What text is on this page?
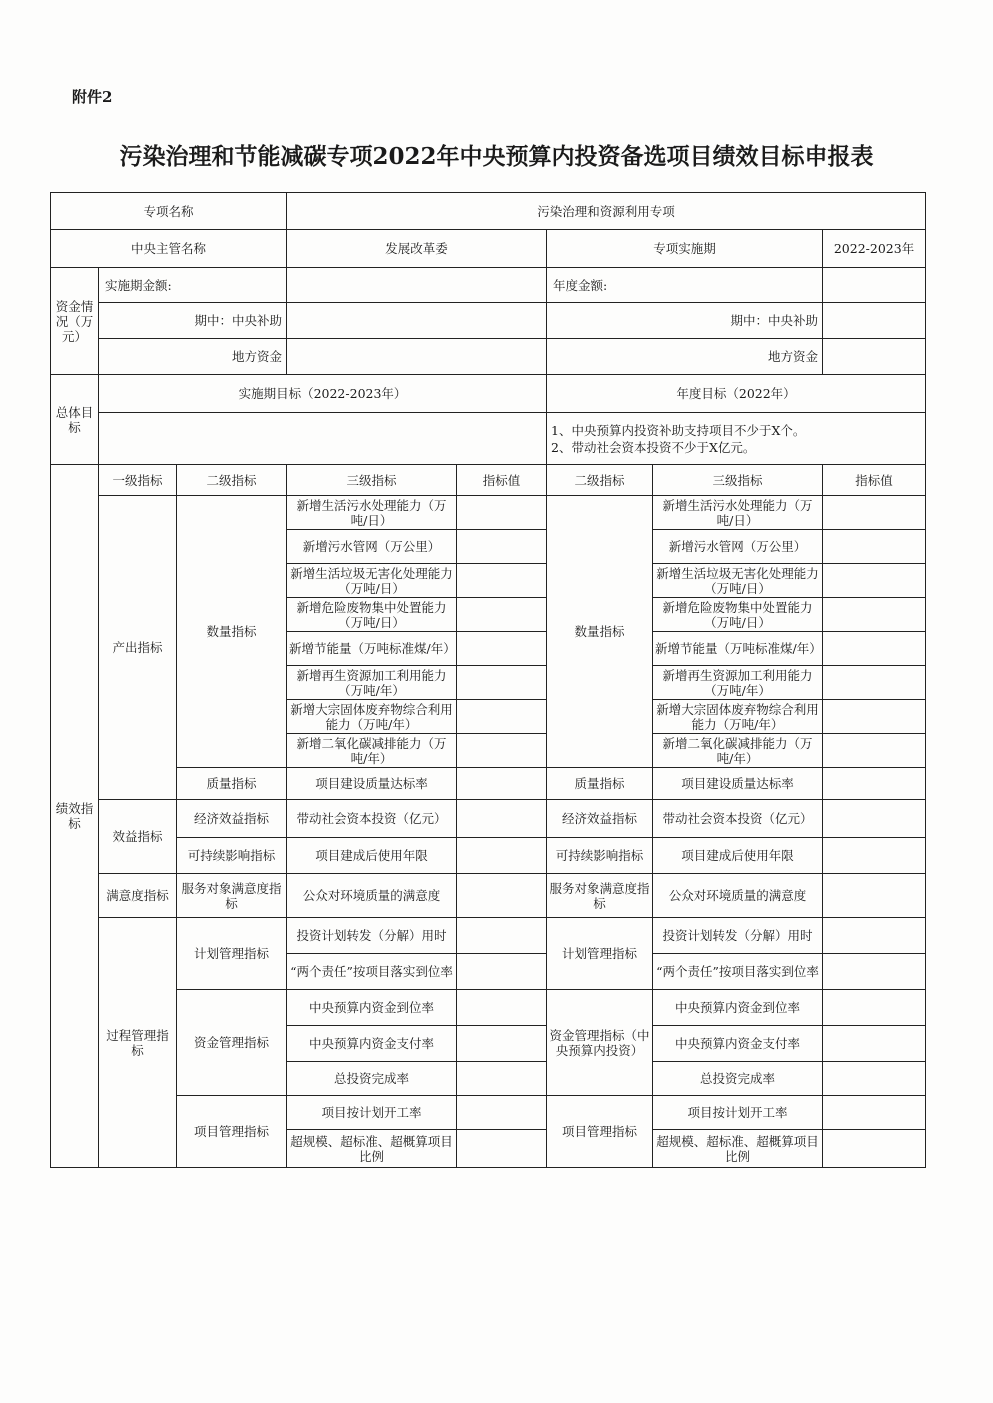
附件2
污染治理和节能减碳专项2022年中央预算内投资备选项目绩效目标申报表
专项名称			污染治理和资源利用专项				
中央主管名称			发展改革委		专项实施期		2022-2023年
资金情况（万元）	实施期金额:				年度金额:		
	期中：中央补助				期中：中央补助		
	地方资金				地方资金		
总体目标	实施期目标（2022-2023年）				年度目标（2022年）		

					1、中央预算内投资补助支持项目不少于X个。
2、带动社会资本投资不少于X亿元。		

绩效指标	一级指标	二级指标	三级指标	指标值	二级指标	三级指标	指标值
	产出指标	数量指标	新增生活污水处理能力（万吨/日）		数量指标	新增生活污水处理能力（万吨/日）	
			新增污水管网（万公里）			新增污水管网（万公里）	
			新增生活垃圾无害化处理能力（万吨/日）			新增生活垃圾无害化处理能力（万吨/日）	
			新增危险废物集中处置能力（万吨/日）			新增危险废物集中处置能力（万吨/日）	
			新增节能量（万吨标准煤/年）			新增节能量（万吨标准煤/年）	
			新增再生资源加工利用能力（万吨/年）			新增再生资源加工利用能力（万吨/年）	
			新增大宗固体废弃物综合利用能力（万吨/年）			新增大宗固体废弃物综合利用能力（万吨/年）	
			新增二氧化碳减排能力（万吨/年）			新增二氧化碳减排能力（万吨/年）	
		质量指标	项目建设质量达标率		质量指标	项目建设质量达标率	
	效益指标	经济效益指标	带动社会资本投资（亿元）		经济效益指标	带动社会资本投资（亿元）	
		可持续影响指标	项目建成后使用年限		可持续影响指标	项目建成后使用年限	
	满意度指标	服务对象满意度指标	公众对环境质量的满意度		服务对象满意度指标	公众对环境质量的满意度	
	过程管理指标	计划管理指标	投资计划转发（分解）用时		计划管理指标	投资计划转发（分解）用时	
			“两个责任”按项目落实到位率			“两个责任”按项目落实到位率	
		资金管理指标	中央预算内资金到位率		资金管理指标（中央预算内投资）	中央预算内资金到位率	
			中央预算内资金支付率			中央预算内资金支付率	
			总投资完成率			总投资完成率	
		项目管理指标	项目按计划开工率		项目管理指标	项目按计划开工率	
			超规模、超标准、超概算项目比例			超规模、超标准、超概算项目比例	
